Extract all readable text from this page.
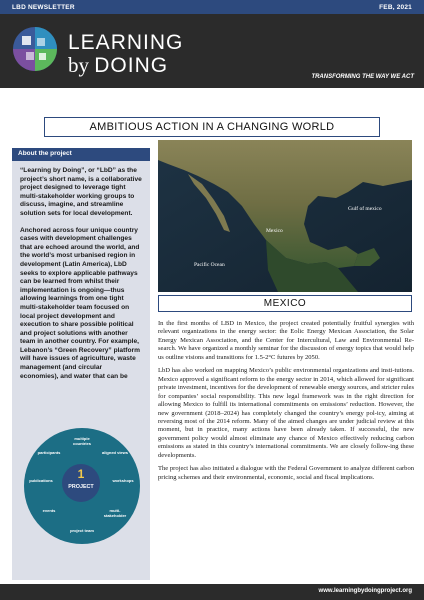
LBD NEWSLETTER	FEB, 2021
LEARNING
by DOING	TRANSFORMING THE WAY WE ACT
AMBITIOUS ACTION IN A CHANGING WORLD
About the project

“Learning by Doing”, or “LbD” as the project’s short name, is a collaborative project designed to leverage tight multi-stakeholder working groups to discuss, imagine, and streamline solution sets for local development.

Anchored across four unique country cases with development challenges that are echoed around the world, and the world’s most urbanised region in development (Latin America), LbD seeks to explore applicable pathways can be learned from whilst their implementation is ongoing—thus allowing learnings from one tight multi-stakeholder team focused on local project development and execution to share possible political and project solutions with another team in another country. For example, Lebanon’s “Green Recovery” platform will have issues of agriculture, waste management (and circular economies), and water that can be

multiple countries
aligned views
workshops
multi-stakeholder
project team
events
publications
participants
1
PROJECT
Gulf of mexico
Mexico
Pacific Ocean
MEXICO

In the first months of LBD in Mexico, the project created potentially fruitful synergies with relevant organizations in the energy sector: the Eolic Energy Mexican Association, the Solar Energy Mexican Association, and the Center for Intercultural, Law and Environmental Re-search. We have organized a monthly seminar for the discussion of energy topics that would help us outline visions and transitions for 1.5-2°C futures by 2050.

LbD has also worked on mapping Mexico’s public environmental organizations and insti-tutions. Mexico approved a significant reform to the energy sector in 2014, which allowed for significant private investment, incentives for the development of renewable energy sources, and stricter rules for companies’ social responsibility. This new legal framework was in the right direction for allowing Mexico to fulfill its international commitments on emissions’ reduction. However, the new government (2018–2024) has completely changed the country’s energy pol-icy, aiming at reversing most of the 2014 reform. Many of the aimed changes are under judicial review at this moment, but in practice, many actions have been already taken. If successful, the new government policy would almost eliminate any chance of Mexico effectively reducing carbon emissions as stated in this country’s international commitments. We are closely follow-ing these developments.

The project has also initiated a dialogue with the Federal Government to analyze different carbon pricing schemes and their environmental, economic, social and fiscal implications.

www.learningbydoingproject.org
